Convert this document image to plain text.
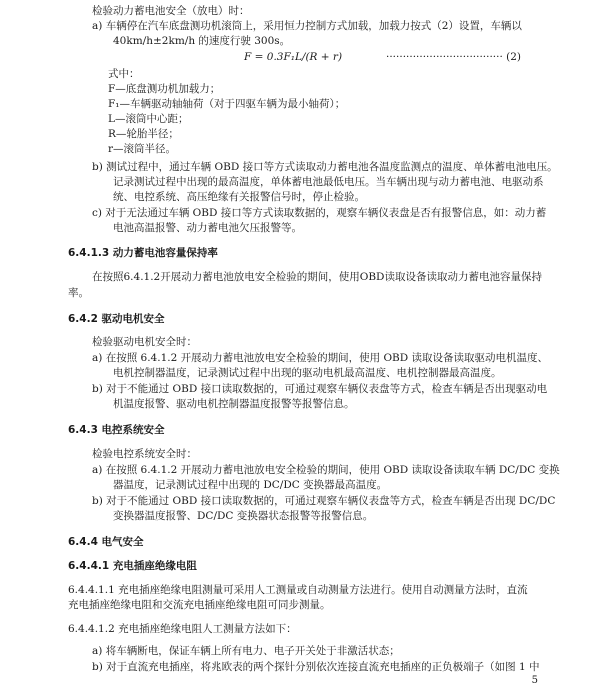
检验动力蓄电池安全（放电）时：
a) 车辆停在汽车底盘测功机滚筒上，采用恒力控制方式加载，加载力按式（2）设置，车辆以
40km/h±2km/h 的速度行驶 300s。
F = 0.3F₁L/(R + r)	··································· (2)
式中：
F—底盘测功机加载力；
F₁—车辆驱动轴轴荷（对于四驱车辆为最小轴荷）；
L—滚筒中心距；
R—轮胎半径；
r—滚筒半径。
b) 测试过程中，通过车辆 OBD 接口等方式读取动力蓄电池各温度监测点的温度、单体蓄电池电压。
记录测试过程中出现的最高温度，单体蓄电池最低电压。当车辆出现与动力蓄电池、电驱动系
统、电控系统、高压绝缘有关报警信号时，停止检验。
c) 对于无法通过车辆 OBD 接口等方式读取数据的，观察车辆仪表盘是否有报警信息，如：动力蓄
电池高温报警、动力蓄电池欠压报警等。
6.4.1.3 动力蓄电池容量保持率
在按照6.4.1.2开展动力蓄电池放电安全检验的期间，使用OBD读取设备读取动力蓄电池容量保持
率。
6.4.2 驱动电机安全
检验驱动电机安全时：
a) 在按照 6.4.1.2 开展动力蓄电池放电安全检验的期间，使用 OBD 读取设备读取驱动电机温度、
电机控制器温度，记录测试过程中出现的驱动电机最高温度、电机控制器最高温度。
b) 对于不能通过 OBD 接口读取数据的，可通过观察车辆仪表盘等方式，检查车辆是否出现驱动电
机温度报警、驱动电机控制器温度报警等报警信息。
6.4.3 电控系统安全
检验电控系统安全时：
a) 在按照 6.4.1.2 开展动力蓄电池放电安全检验的期间，使用 OBD 读取设备读取车辆 DC/DC 变换
器温度，记录测试过程中出现的 DC/DC 变换器最高温度。
b) 对于不能通过 OBD 接口读取数据的，可通过观察车辆仪表盘等方式，检查车辆是否出现 DC/DC
变换器温度报警、DC/DC 变换器状态报警等报警信息。
6.4.4 电气安全
6.4.4.1 充电插座绝缘电阻
6.4.4.1.1 充电插座绝缘电阻测量可采用人工测量或自动测量方法进行。使用自动测量方法时，直流
充电插座绝缘电阻和交流充电插座绝缘电阻可同步测量。
6.4.4.1.2 充电插座绝缘电阻人工测量方法如下：
a) 将车辆断电，保证车辆上所有电力、电子开关处于非激活状态；
b) 对于直流充电插座，将兆欧表的两个探针分别依次连接直流充电插座的正负极端子（如图 1 中
5
